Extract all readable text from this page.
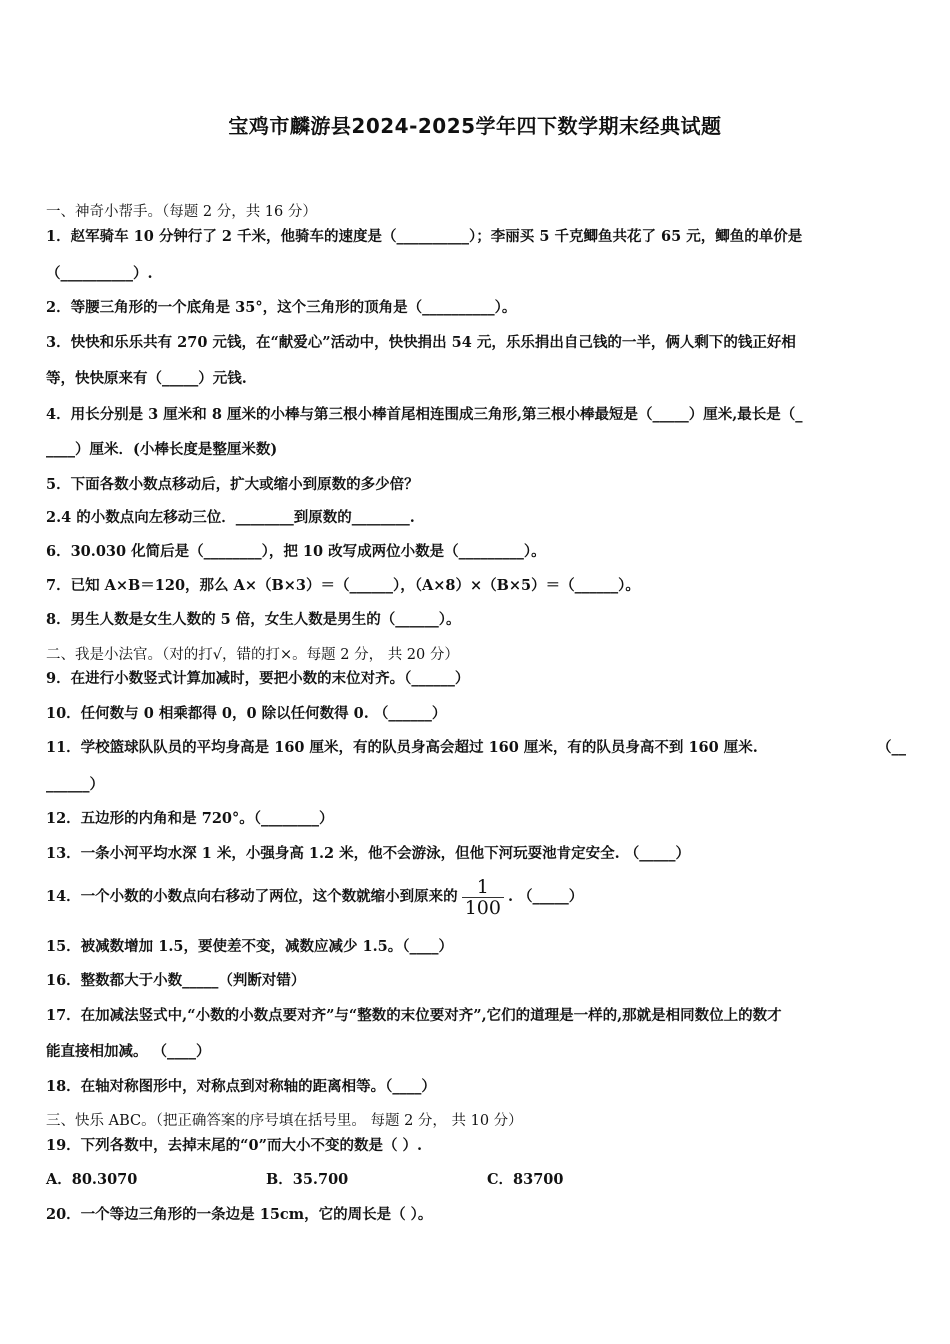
宝鸡市麟游县2024-2025学年四下数学期末经典试题
一、神奇小帮手。（每题 2 分，共 16 分）
1．赵军骑车 10 分钟行了 2 千米，他骑车的速度是（__________）；李丽买 5 千克鲫鱼共花了 65 元，鲫鱼的单价是
（__________）.
2．等腰三角形的一个底角是 35°，这个三角形的顶角是（__________）。
3．快快和乐乐共有 270 元钱，在“献爱心”活动中，快快捐出 54 元，乐乐捐出自己钱的一半，俩人剩下的钱正好相
等，快快原来有（_____）元钱.
4．用长分别是 3 厘米和 8 厘米的小棒与第三根小棒首尾相连围成三角形,第三根小棒最短是（_____）厘米,最长是（_
____）厘米．(小棒长度是整厘米数)
5．下面各数小数点移动后，扩大或缩小到原数的多少倍？
2.4 的小数点向左移动三位．________到原数的________.
6．30.030 化简后是（________），把 10 改写成两位小数是（_________）。
7．已知 A×B＝120，那么 A×（B×3）＝（______），（A×8）×（B×5）＝（______）。
8．男生人数是女生人数的 5 倍，女生人数是男生的（______）。
二、我是小法官。（对的打√，错的打×。每题 2 分， 共 20 分）
9．在进行小数竖式计算加减时，要把小数的末位对齐。（______）
10．任何数与 0 相乘都得 0，0 除以任何数得 0. （______）
11．学校篮球队队员的平均身高是 160 厘米，有的队员身高会超过 160 厘米，有的队员身高不到 160 厘米.	（__
______）
12．五边形的内角和是 720°。（________）
13．一条小河平均水深 1 米，小强身高 1.2 米，他不会游泳，但他下河玩耍池肯定安全. （_____）
14．一个小数的小数点向右移动了两位，这个数就缩小到原来的 $\frac{1}{100}$ . （_____）
15．被减数增加 1.5，要使差不变，减数应减少 1.5。（____）
16．整数都大于小数_____（判断对错）
17．在加减法竖式中,“小数的小数点要对齐”与“整数的末位要对齐”,它们的道理是一样的,那就是相同数位上的数才
能直接相加减。 （____）
18．在轴对称图形中，对称点到对称轴的距离相等。（____）
三、快乐 ABC。（把正确答案的序号填在括号里。 每题 2 分， 共 10 分）
19．下列各数中，去掉末尾的“0”而大小不变的数是（ ）.
A．80.3070	B．35.700	C．83700
20．一个等边三角形的一条边是 15cm，它的周长是（ ）。
